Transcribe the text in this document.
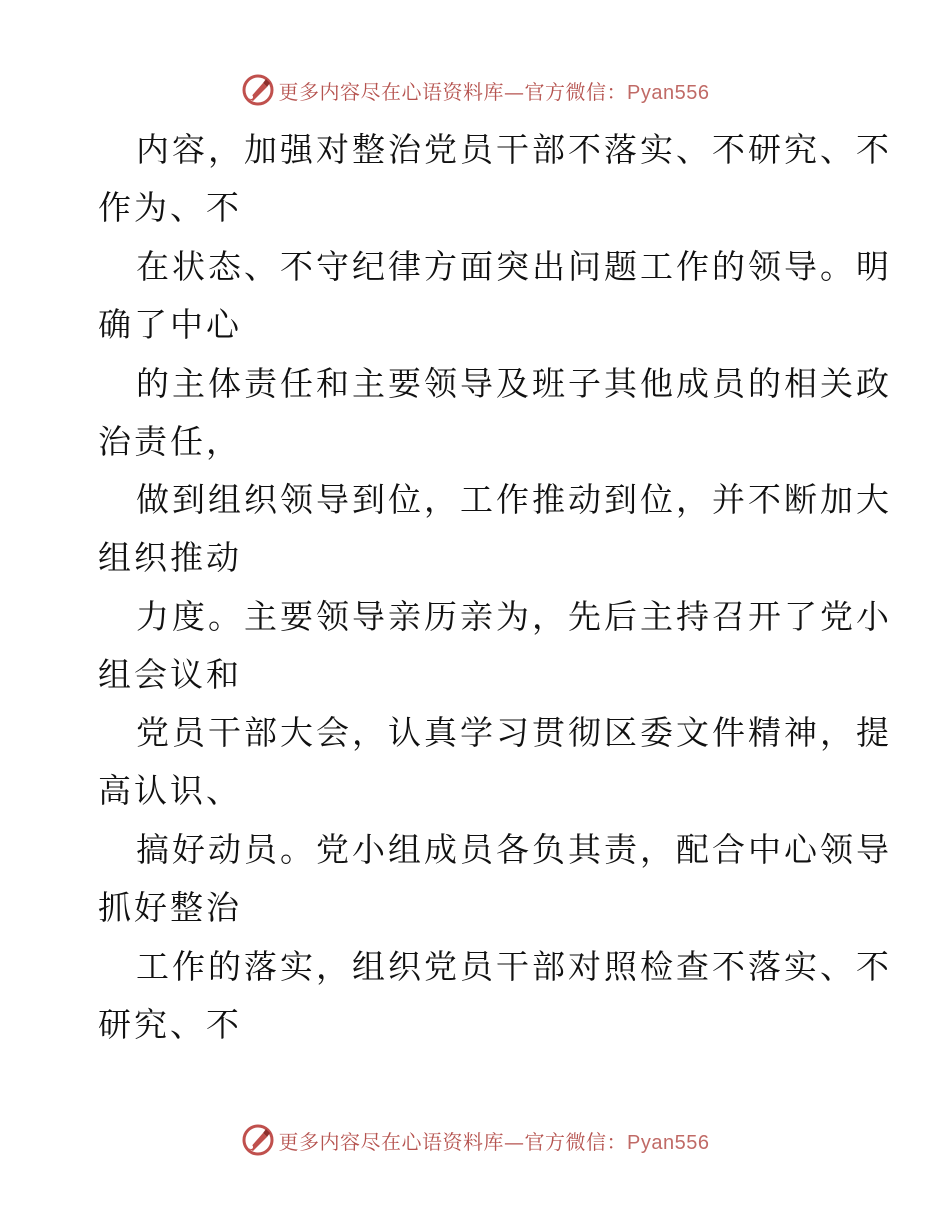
更多内容尽在心语资料库—官方微信：Pyan556
内容，加强对整治党员干部不落实、不研究、不
作为、不
在状态、不守纪律方面突出问题工作的领导。明
确了中心
的主体责任和主要领导及班子其他成员的相关政
治责任，
做到组织领导到位，工作推动到位，并不断加大
组织推动
力度。主要领导亲历亲为，先后主持召开了党小
组会议和
党员干部大会，认真学习贯彻区委文件精神，提
高认识、
搞好动员。党小组成员各负其责，配合中心领导
抓好整治
工作的落实，组织党员干部对照检查不落实、不
研究、不
更多内容尽在心语资料库—官方微信：Pyan556
